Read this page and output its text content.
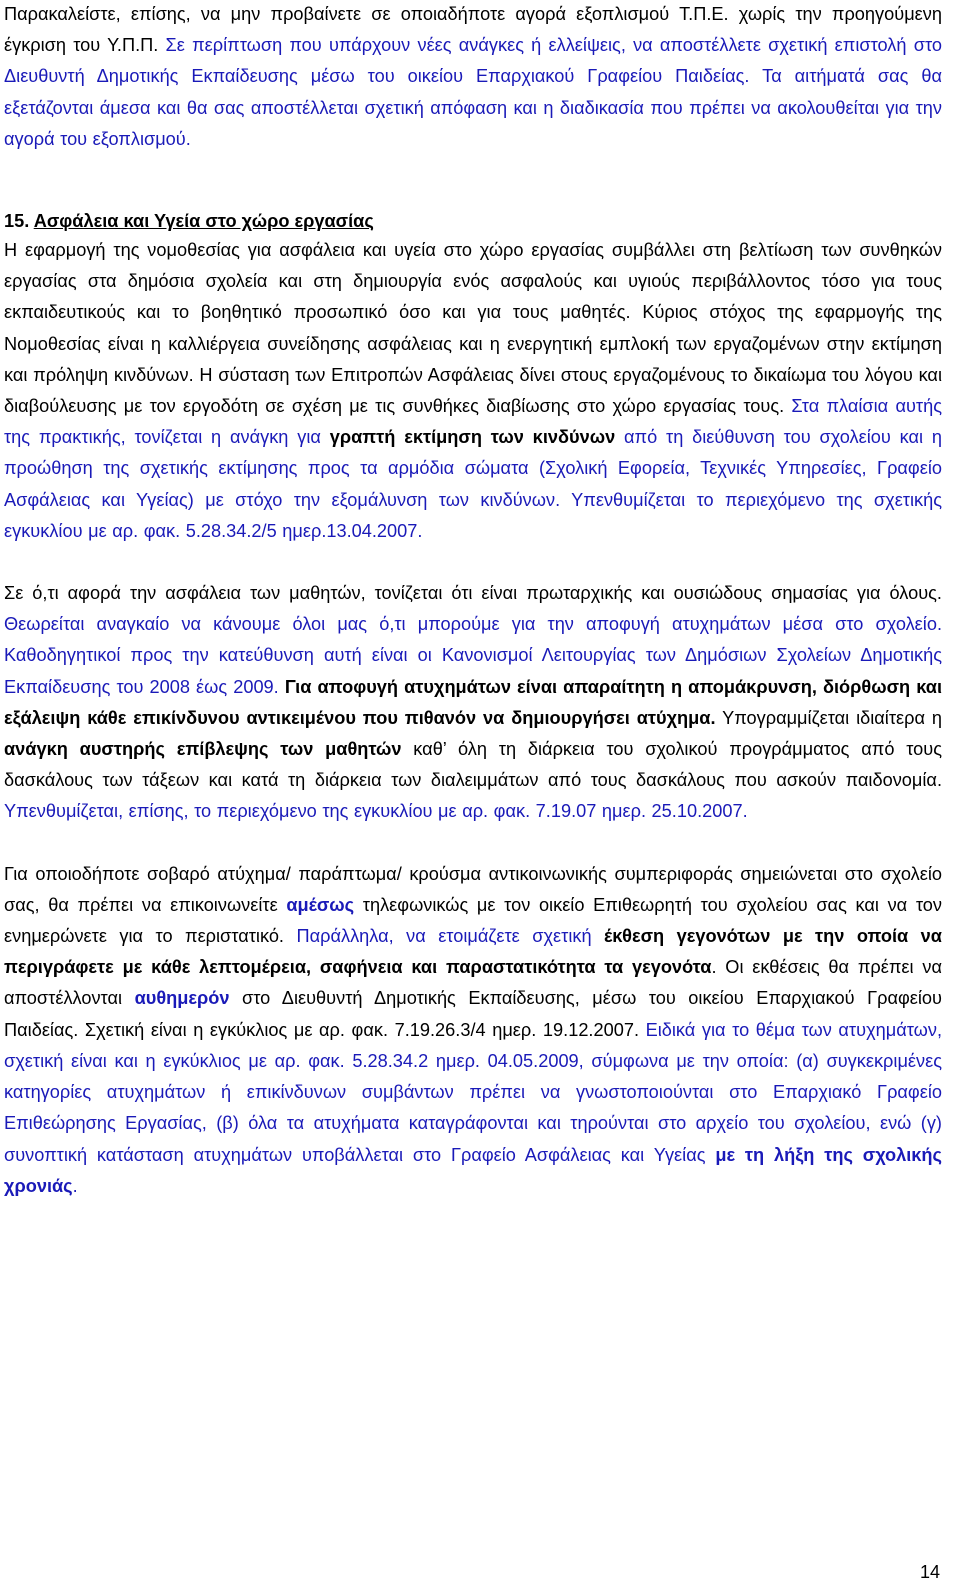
Παρακαλείστε, επίσης, να μην προβαίνετε σε οποιαδήποτε αγορά εξοπλισμού Τ.Π.Ε. χωρίς την προηγούμενη έγκριση του Υ.Π.Π. Σε περίπτωση που υπάρχουν νέες ανάγκες ή ελλείψεις, να αποστέλλετε σχετική επιστολή στο Διευθυντή Δημοτικής Εκπαίδευσης μέσω του οικείου Επαρχιακού Γραφείου Παιδείας. Τα αιτήματά σας θα εξετάζονται άμεσα και θα σας αποστέλλεται σχετική απόφαση και η διαδικασία που πρέπει να ακολουθείται για την αγορά του εξοπλισμού.

15. Ασφάλεια και Υγεία στο χώρο εργασίας

Η εφαρμογή της νομοθεσίας για ασφάλεια και υγεία στο χώρο εργασίας συμβάλλει στη βελτίωση των συνθηκών εργασίας στα δημόσια σχολεία και στη δημιουργία ενός ασφαλούς και υγιούς περιβάλλοντος τόσο για τους εκπαιδευτικούς και το βοηθητικό προσωπικό όσο και για τους μαθητές. Κύριος στόχος της εφαρμογής της Νομοθεσίας είναι η καλλιέργεια συνείδησης ασφάλειας και η ενεργητική εμπλοκή των εργαζομένων στην εκτίμηση και πρόληψη κινδύνων. Η σύσταση των Επιτροπών Ασφάλειας δίνει στους εργαζομένους το δικαίωμα του λόγου και διαβούλευσης με τον εργοδότη σε σχέση με τις συνθήκες διαβίωσης στο χώρο εργασίας τους. Στα πλαίσια αυτής της πρακτικής, τονίζεται η ανάγκη για γραπτή εκτίμηση των κινδύνων από τη διεύθυνση του σχολείου και η προώθηση της σχετικής εκτίμησης προς τα αρμόδια σώματα (Σχολική Εφορεία, Τεχνικές Υπηρεσίες, Γραφείο Ασφάλειας και Υγείας) με στόχο την εξομάλυνση των κινδύνων. Υπενθυμίζεται το περιεχόμενο της σχετικής εγκυκλίου με αρ. φακ. 5.28.34.2/5 ημερ.13.04.2007.

Σε ό,τι αφορά την ασφάλεια των μαθητών, τονίζεται ότι είναι πρωταρχικής και ουσιώδους σημασίας για όλους. Θεωρείται αναγκαίο να κάνουμε όλοι μας ό,τι μπορούμε για την αποφυγή ατυχημάτων μέσα στο σχολείο. Καθοδηγητικοί προς την κατεύθυνση αυτή είναι οι Κανονισμοί Λειτουργίας των Δημόσιων Σχολείων Δημοτικής Εκπαίδευσης του 2008 έως 2009. Για αποφυγή ατυχημάτων είναι απαραίτητη η απομάκρυνση, διόρθωση και εξάλειψη κάθε επικίνδυνου αντικειμένου που πιθανόν να δημιουργήσει ατύχημα. Υπογραμμίζεται ιδιαίτερα η ανάγκη αυστηρής επίβλεψης των μαθητών καθ’ όλη τη διάρκεια του σχολικού προγράμματος από τους δασκάλους των τάξεων και κατά τη διάρκεια των διαλειμμάτων από τους δασκάλους που ασκούν παιδονομία. Υπενθυμίζεται, επίσης, το περιεχόμενο της εγκυκλίου με αρ. φακ. 7.19.07 ημερ. 25.10.2007.

Για οποιοδήποτε σοβαρό ατύχημα/ παράπτωμα/ κρούσμα αντικοινωνικής συμπεριφοράς σημειώνεται στο σχολείο σας, θα πρέπει να επικοινωνείτε αμέσως τηλεφωνικώς με τον οικείο Επιθεωρητή του σχολείου σας και να τον ενημερώνετε για το περιστατικό. Παράλληλα, να ετοιμάζετε σχετική έκθεση γεγονότων με την οποία να περιγράφετε με κάθε λεπτομέρεια, σαφήνεια και παραστατικότητα τα γεγονότα. Οι εκθέσεις θα πρέπει να αποστέλλονται αυθημερόν στο Διευθυντή Δημοτικής Εκπαίδευσης, μέσω του οικείου Επαρχιακού Γραφείου Παιδείας. Σχετική είναι η εγκύκλιος με αρ. φακ. 7.19.26.3/4 ημερ. 19.12.2007. Ειδικά για το θέμα των ατυχημάτων, σχετική είναι και η εγκύκλιος με αρ. φακ. 5.28.34.2 ημερ. 04.05.2009, σύμφωνα με την οποία: (α) συγκεκριμένες κατηγορίες ατυχημάτων ή επικίνδυνων συμβάντων πρέπει να γνωστοποιούνται στο Επαρχιακό Γραφείο Επιθεώρησης Εργασίας, (β) όλα τα ατυχήματα καταγράφονται και τηρούνται στο αρχείο του σχολείου, ενώ (γ) συνοπτική κατάσταση ατυχημάτων υποβάλλεται στο Γραφείο Ασφάλειας και Υγείας με τη λήξη της σχολικής χρονιάς.

14
